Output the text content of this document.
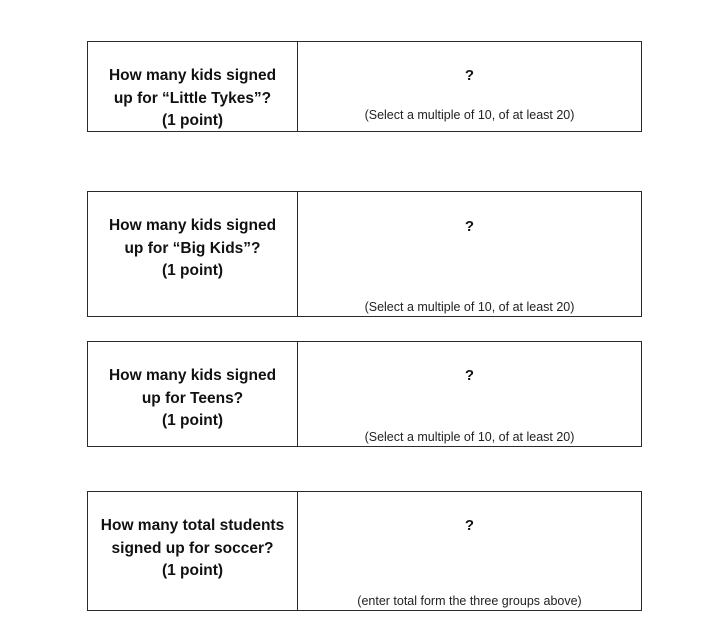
How many kids signed
up for “Little Tykes”?
(1 point)
?
(Select a multiple of 10, of at least 20)
How many kids signed
up for “Big Kids”?
(1 point)
?
(Select a multiple of 10, of at least 20)
How many kids signed
up for Teens?
(1 point)
?
(Select a multiple of 10, of at least 20)
How many total students
signed up for soccer?
(1 point)
?
(enter total form the three groups above)
